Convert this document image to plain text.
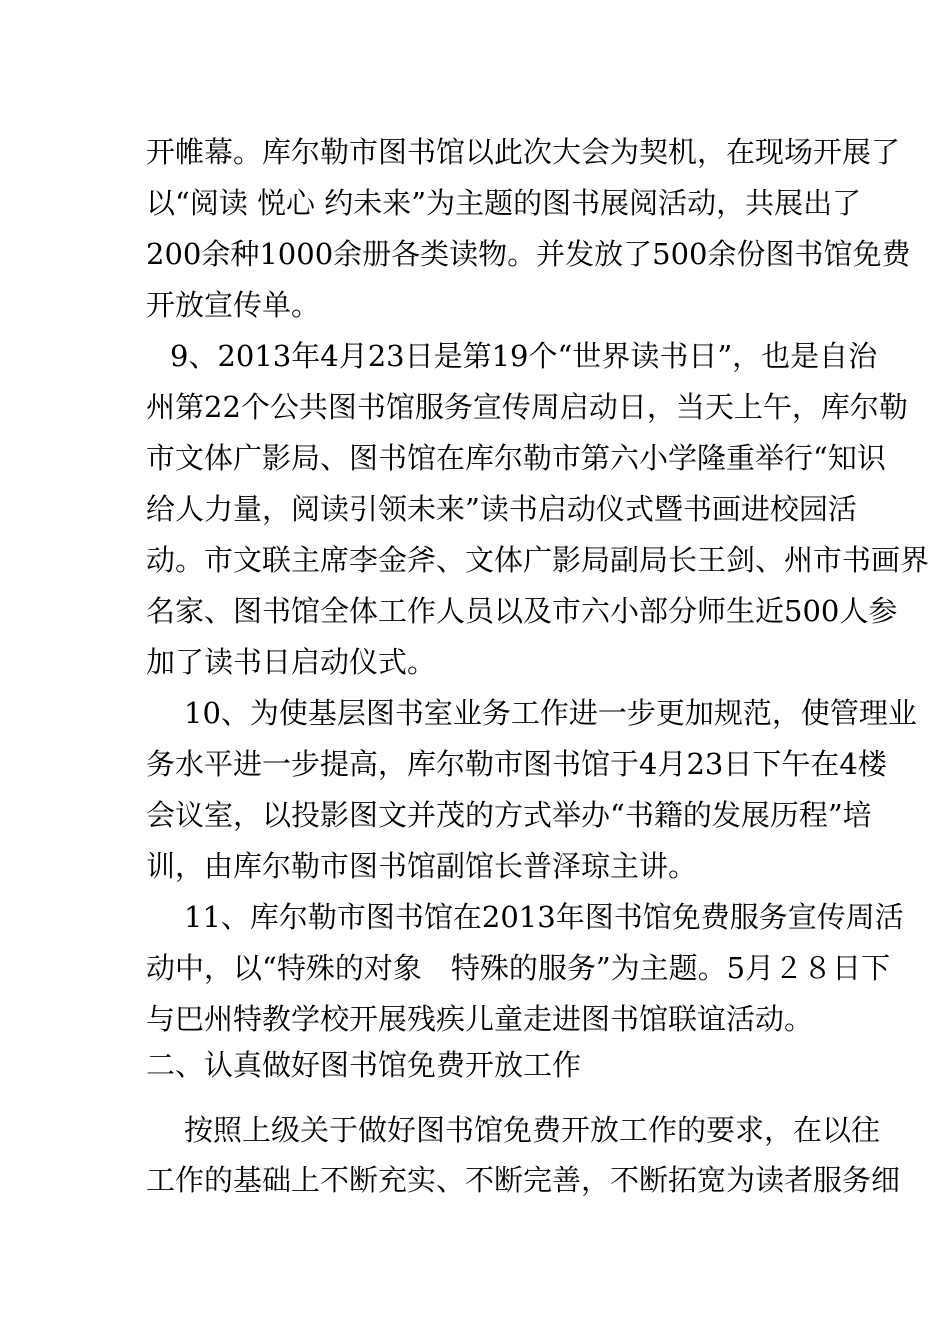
开帷幕。库尔勒市图书馆以此次大会为契机，在现场开展了
以“阅读 悦心 约未来”为主题的图书展阅活动，共展出了
200余种1000余册各类读物。并发放了500余份图书馆免费
开放宣传单。
9、2013年4月23日是第19个“世界读书日”，也是自治
州第22个公共图书馆服务宣传周启动日，当天上午，库尔勒
市文体广影局、图书馆在库尔勒市第六小学隆重举行“知识
给人力量，阅读引领未来”读书启动仪式暨书画进校园活
动。市文联主席李金斧、文体广影局副局长王剑、州市书画界
名家、图书馆全体工作人员以及市六小部分师生近500人参
加了读书日启动仪式。
10、为使基层图书室业务工作进一步更加规范，使管理业
务水平进一步提高，库尔勒市图书馆于4月23日下午在4楼
会议室，以投影图文并茂的方式举办“书籍的发展历程”培
训，由库尔勒市图书馆副馆长普泽琼主讲。
11、库尔勒市图书馆在2013年图书馆免费服务宣传周活
动中，以“特殊的对象　特殊的服务”为主题。5月２８日下
与巴州特教学校开展残疾儿童走进图书馆联谊活动。
二、认真做好图书馆免费开放工作
按照上级关于做好图书馆免费开放工作的要求，在以往
工作的基础上不断充实、不断完善，不断拓宽为读者服务细
